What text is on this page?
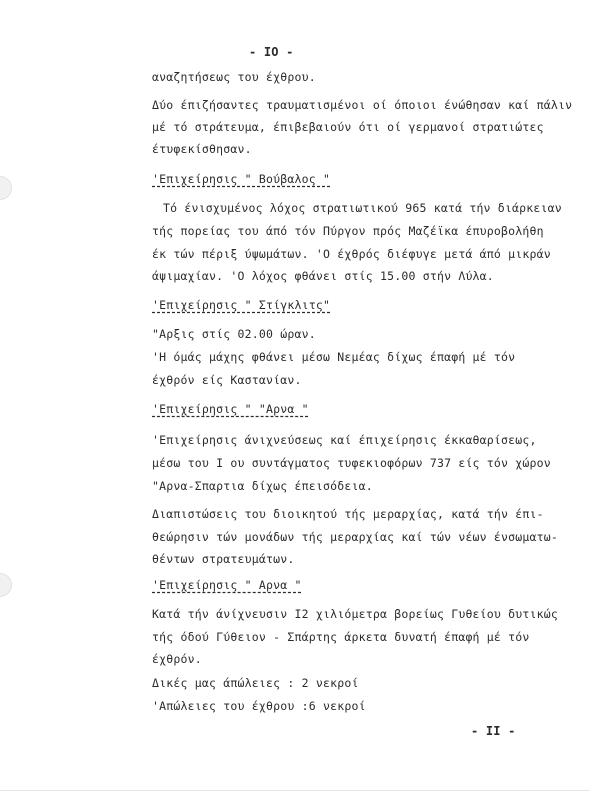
- IO -
αναζητήσεως του έχθρου.
Δύο έπιζήσαντες τραυματισμένοι οί όποιοι ένώθησαν καί πάλιν
μέ τό στράτευμα, έπιβεβαιούν ότι οί γερμανοί στρατιώτες
έτυφεκίσθησαν.
'Επιχείρησις " Βούβαλος "
Τό ένισχυμένος λόχος στρατιωτικού 965 κατά τήν διάρκειαν
τής πορείας του άπό τόν Πύργον πρός Μαζέϊκα έπυροβολήθη
έκ τών πέριξ ύψωμάτων. 'Ο έχθρός διέφυγε μετά άπό μικράν
άψιμαχίαν. 'Ο λόχος φθάνει στίς 15.00 στήν Λύλα.
'Επιχείρησις " Στίγκλιτς"
"Αρξις στίς 02.00 ώραν.
'Η όμάς μάχης φθάνει μέσω Νεμέας δίχως έπαφή μέ τόν
έχθρόν είς Καστανίαν.
'Επιχείρησις " "Αρνα "
'Επιχείρησις άνιχνεύσεως καί έπιχείρησις έκκαθαρίσεως,
μέσω του Ι ου συντάγματος τυφεκιοφόρων 737 είς τόν χώρον
"Αρνα-Σπαρτια δίχως έπεισόδεια.
Διαπιστώσεις του διοικητού τής μεραρχίας, κατά τήν έπι-
θεώρησιν τών μονάδων τής μεραρχίας καί τών νέων ένσωματω-
θέντων στρατευμάτων.
'Επιχείρησις " Αρνα "
Κατά τήν άνίχνευσιν Ι2 χιλιόμετρα βορείως Γυθείου δυτικώς
τής όδού Γύθειον - Σπάρτης άρκετα δυνατή έπαφή μέ τόν
έχθρόν.
Δικές μας άπώλειες : 2 νεκροί
'Απώλειες του έχθρου :6 νεκροί
- II -
